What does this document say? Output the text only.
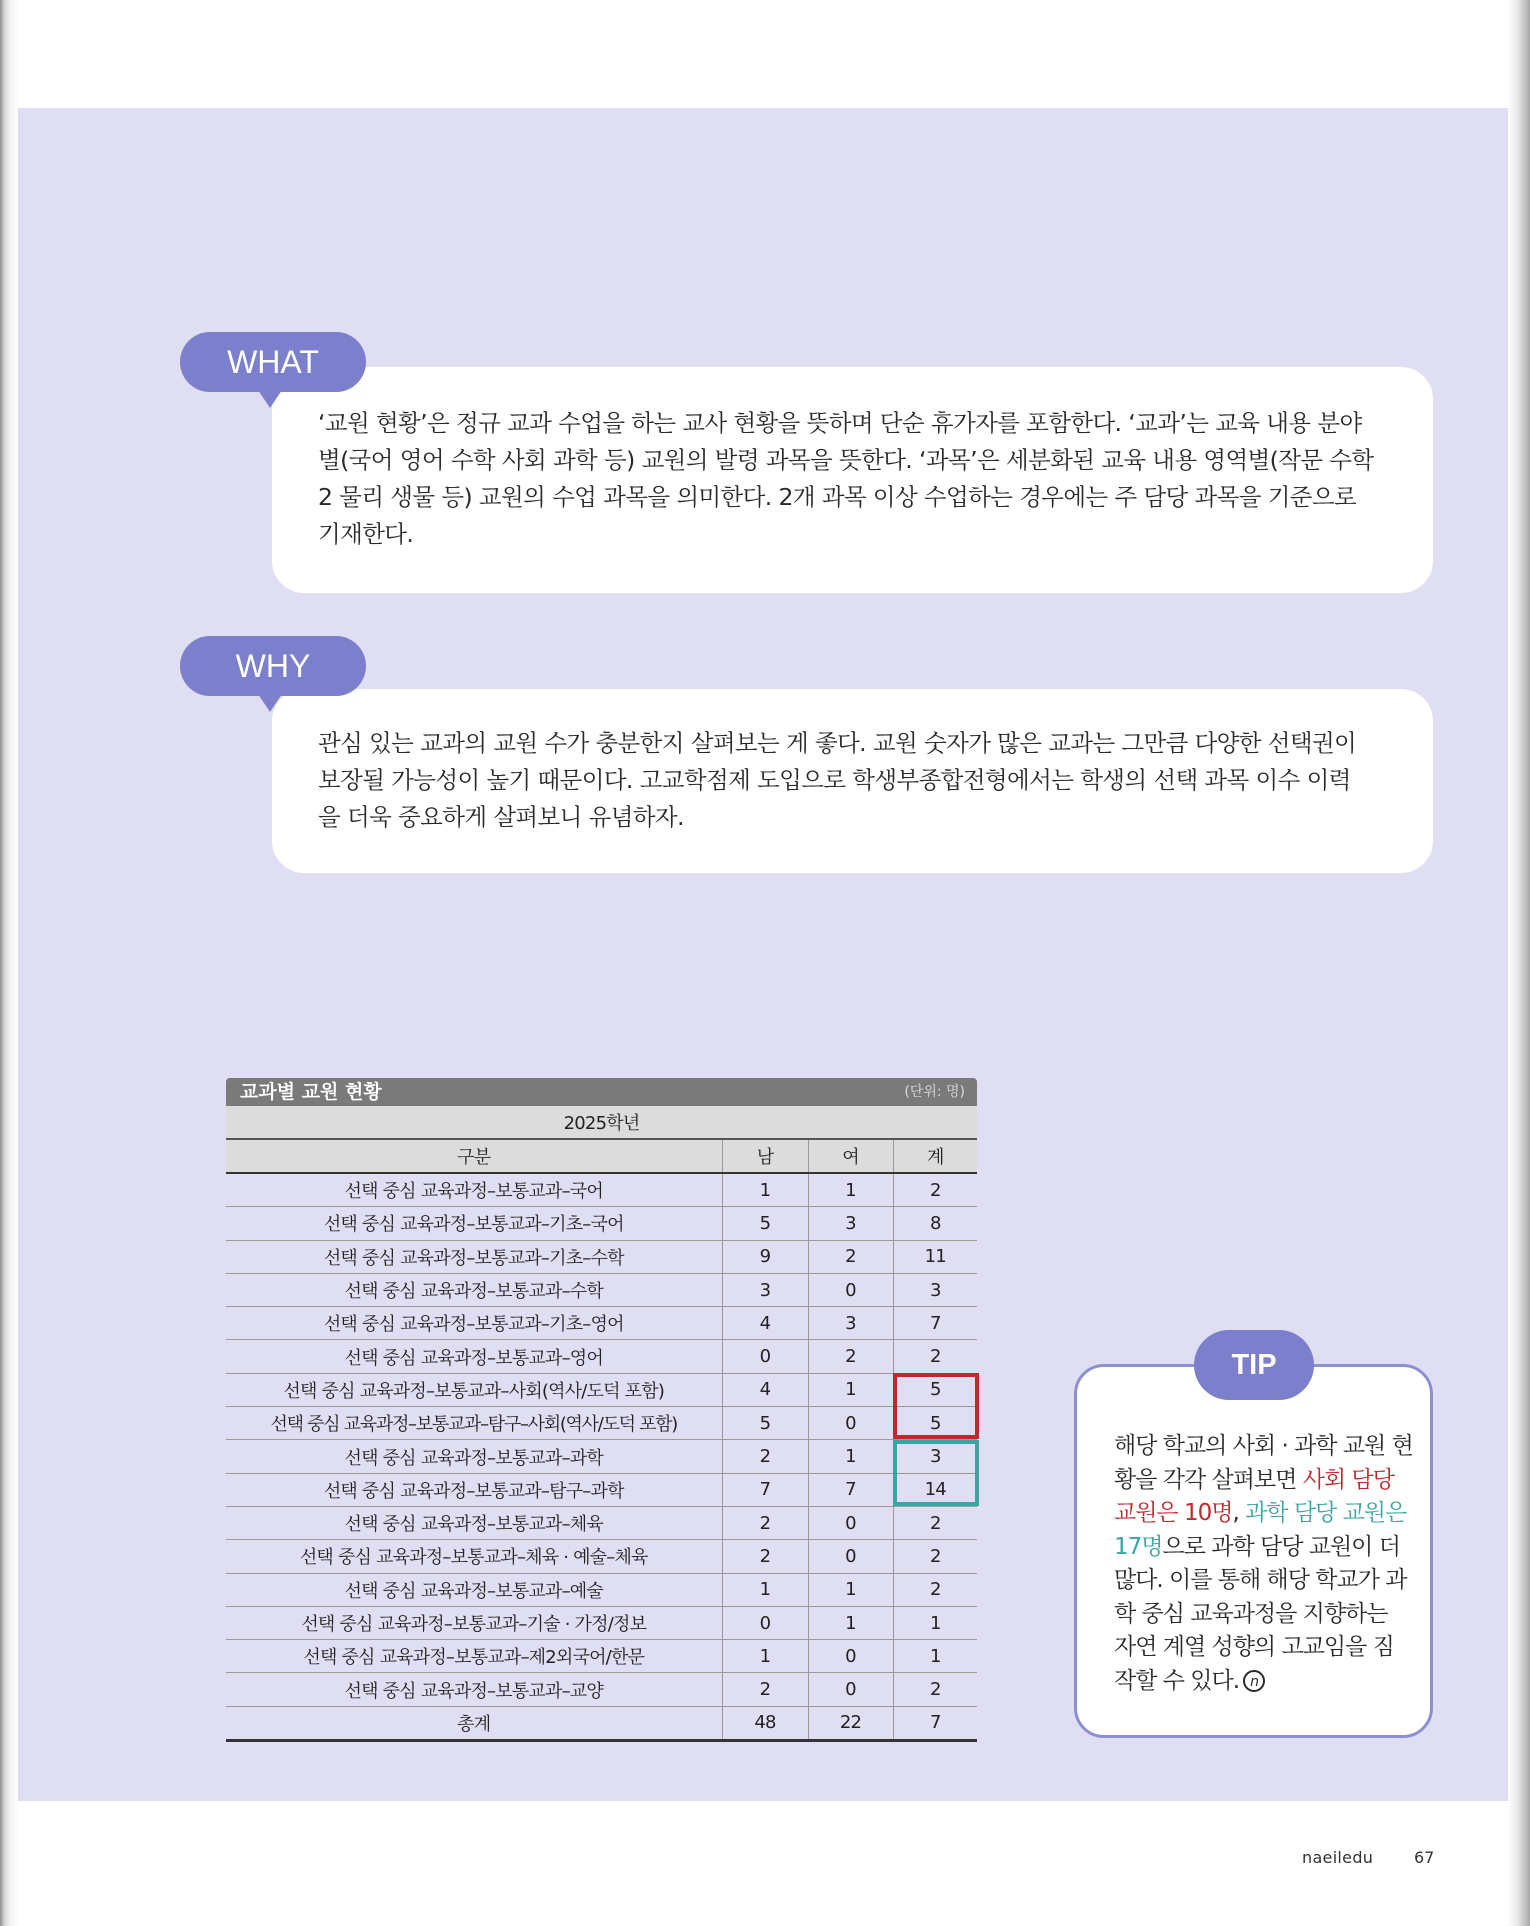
WHAT
‘교원 현황’은 정규 교과 수업을 하는 교사 현황을 뜻하며 단순 휴가자를 포함한다. ‘교과’는 교육 내용 분야
별(국어 영어 수학 사회 과학 등) 교원의 발령 과목을 뜻한다. ‘과목’은 세분화된 교육 내용 영역별(작문 수학
2 물리 생물 등) 교원의 수업 과목을 의미한다. 2개 과목 이상 수업하는 경우에는 주 담당 과목을 기준으로
기재한다.
WHY
관심 있는 교과의 교원 수가 충분한지 살펴보는 게 좋다. 교원 숫자가 많은 교과는 그만큼 다양한 선택권이
보장될 가능성이 높기 때문이다. 고교학점제 도입으로 학생부종합전형에서는 학생의 선택 과목 이수 이력
을 더욱 중요하게 살펴보니 유념하자.
교과별 교원 현황	(단위: 명)
2025학년			
구분	남	여	계
선택 중심 교육과정–보통교과–국어	1	1	2
선택 중심 교육과정–보통교과–기초–국어	5	3	8
선택 중심 교육과정–보통교과–기초–수학	9	2	11
선택 중심 교육과정–보통교과–수학	3	0	3
선택 중심 교육과정–보통교과–기초–영어	4	3	7
선택 중심 교육과정–보통교과–영어	0	2	2
선택 중심 교육과정–보통교과–사회(역사/도덕 포함)	4	1	5
선택 중심 교육과정–보통교과–탐구–사회(역사/도덕 포함)	5	0	5
선택 중심 교육과정–보통교과–과학	2	1	3
선택 중심 교육과정–보통교과–탐구–과학	7	7	14
선택 중심 교육과정–보통교과–체육	2	0	2
선택 중심 교육과정–보통교과–체육 · 예술–체육	2	0	2
선택 중심 교육과정–보통교과–예술	1	1	2
선택 중심 교육과정–보통교과–기술 · 가정/정보	0	1	1
선택 중심 교육과정–보통교과–제2외국어/한문	1	0	1
선택 중심 교육과정–보통교과–교양	2	0	2
총계	48	22	7
TIP
해당 학교의 사회 · 과학 교원 현황을 각각 살펴보면 사회 담당 교원은 10명, 과학 담당 교원은 17명으로 과학 담당 교원이 더 많다. 이를 통해 해당 학교가 과학 중심 교육과정을 지향하는 자연 계열 성향의 고교임을 짐작할 수 있다. n
naeiledu	67
